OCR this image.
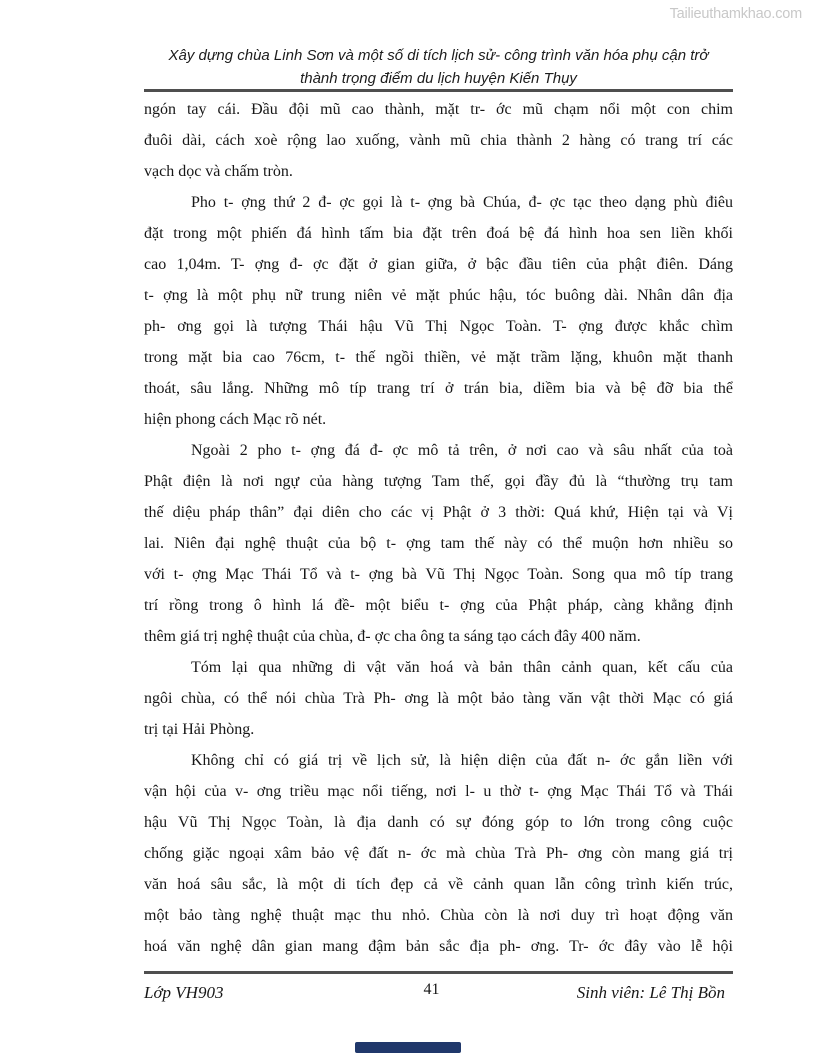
Tailieuthamkhao.com
Xây dựng chùa Linh Sơn và một số di tích lịch sử- công trình văn hóa phụ cận trở
thành trọng điểm du lịch huyện Kiến Thụy
ngón tay cái. Đầu đội mũ cao thành, mặt tr- ớc mũ chạm nổi một con chim
đuôi dài, cách xoè rộng lao xuống, vành mũ chia thành 2 hàng có trang trí các
vạch dọc và chấm tròn.
Pho t- ợng thứ 2 đ- ợc gọi là t- ợng bà Chúa, đ- ợc tạc theo dạng phù điêu
đặt trong một phiến đá hình tấm bia đặt trên đoá bệ đá hình hoa sen liền khối
cao 1,04m. T- ợng đ- ợc đặt ở gian giữa, ở bậc đầu tiên của phật điên. Dáng
t- ợng là một phụ nữ trung niên vẻ mặt phúc hậu, tóc buông dài. Nhân dân địa
ph- ơng gọi là tượng Thái hậu Vũ Thị Ngọc Toàn. T- ợng được khắc chìm
trong mặt bia cao 76cm, t- thế ngồi thiền, vẻ mặt trầm lặng, khuôn mặt thanh
thoát, sâu lắng. Những mô típ trang trí ở trán bia, diềm bia và bệ đỡ bia thể
hiện phong cách Mạc rõ nét.
Ngoài 2 pho t- ợng đá đ- ợc mô tả trên, ở nơi cao và sâu nhất của toà
Phật điện là nơi ngự của hàng tượng Tam thế, gọi đầy đủ là “thường trụ tam
thế diệu pháp thân” đại diên cho các vị Phật ở 3 thời: Quá khứ, Hiện tại và Vị
lai. Niên đại nghệ thuật của bộ t- ợng tam thế này có thể muộn hơn nhiều so
với t- ợng Mạc Thái Tổ và t- ợng bà Vũ Thị Ngọc Toàn. Song qua mô típ trang
trí rồng trong ô hình lá đề- một biểu t- ợng của Phật pháp, càng khẳng định
thêm giá trị nghệ thuật của chùa, đ- ợc cha ông ta sáng tạo cách đây 400 năm.
Tóm lại qua những di vật văn hoá và bản thân cảnh quan, kết cấu của
ngôi chùa, có thể nói chùa Trà Ph- ơng là một bảo tàng văn vật thời Mạc có giá
trị tại Hải Phòng.
Không chỉ có giá trị về lịch sử, là hiện diện của đất n- ớc gắn liền với
vận hội của v- ơng triều mạc nổi tiếng, nơi l- u thờ t- ợng Mạc Thái Tổ và Thái
hậu Vũ Thị Ngọc Toàn, là địa danh có sự đóng góp to lớn trong công cuộc
chống giặc ngoại xâm bảo vệ đất n- ớc mà chùa Trà Ph- ơng còn mang giá trị
văn hoá sâu sắc, là một di tích đẹp cả về cảnh quan lẫn công trình kiến trúc,
một bảo tàng nghệ thuật mạc thu nhỏ. Chùa còn là nơi duy trì hoạt động văn
hoá văn nghệ dân gian mang đậm bản sắc địa ph- ơng. Tr- ớc đây vào lễ hội
Lớp VH903	41	Sinh viên: Lê Thị Bồn
